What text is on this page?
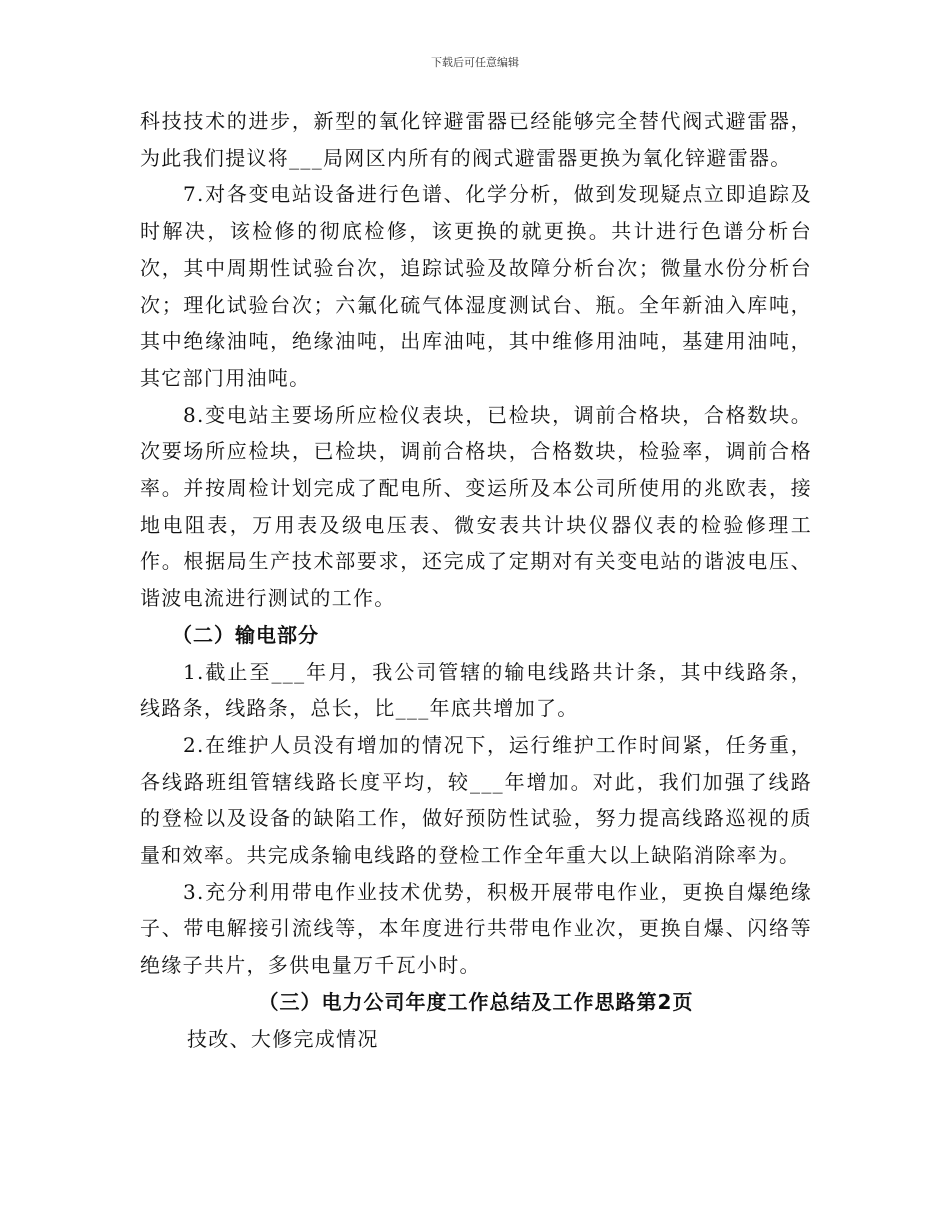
下载后可任意编辑

科技技术的进步，新型的氧化锌避雷器已经能够完全替代阀式避雷器，为此我们提议将___局网区内所有的阀式避雷器更换为氧化锌避雷器。

7.对各变电站设备进行色谱、化学分析，做到发现疑点立即追踪及时解决，该检修的彻底检修，该更换的就更换。共计进行色谱分析台次，其中周期性试验台次，追踪试验及故障分析台次；微量水份分析台次；理化试验台次；六氟化硫气体湿度测试台、瓶。全年新油入库吨，其中绝缘油吨，绝缘油吨，出库油吨，其中维修用油吨，基建用油吨，其它部门用油吨。

8.变电站主要场所应检仪表块，已检块，调前合格块，合格数块。次要场所应检块，已检块，调前合格块，合格数块，检验率，调前合格率。并按周检计划完成了配电所、变运所及本公司所使用的兆欧表，接地电阻表，万用表及级电压表、微安表共计块仪器仪表的检验修理工作。根据局生产技术部要求，还完成了定期对有关变电站的谐波电压、谐波电流进行测试的工作。

（二）输电部分

1.截止至___年月，我公司管辖的输电线路共计条，其中线路条，线路条，线路条，总长，比___年底共增加了。

2.在维护人员没有增加的情况下，运行维护工作时间紧，任务重，各线路班组管辖线路长度平均，较___年增加。对此，我们加强了线路的登检以及设备的缺陷工作，做好预防性试验，努力提高线路巡视的质量和效率。共完成条输电线路的登检工作全年重大以上缺陷消除率为。

3.充分利用带电作业技术优势，积极开展带电作业，更换自爆绝缘子、带电解接引流线等，本年度进行共带电作业次，更换自爆、闪络等绝缘子共片，多供电量万千瓦小时。

（三）电力公司年度工作总结及工作思路第2页

技改、大修完成情况
